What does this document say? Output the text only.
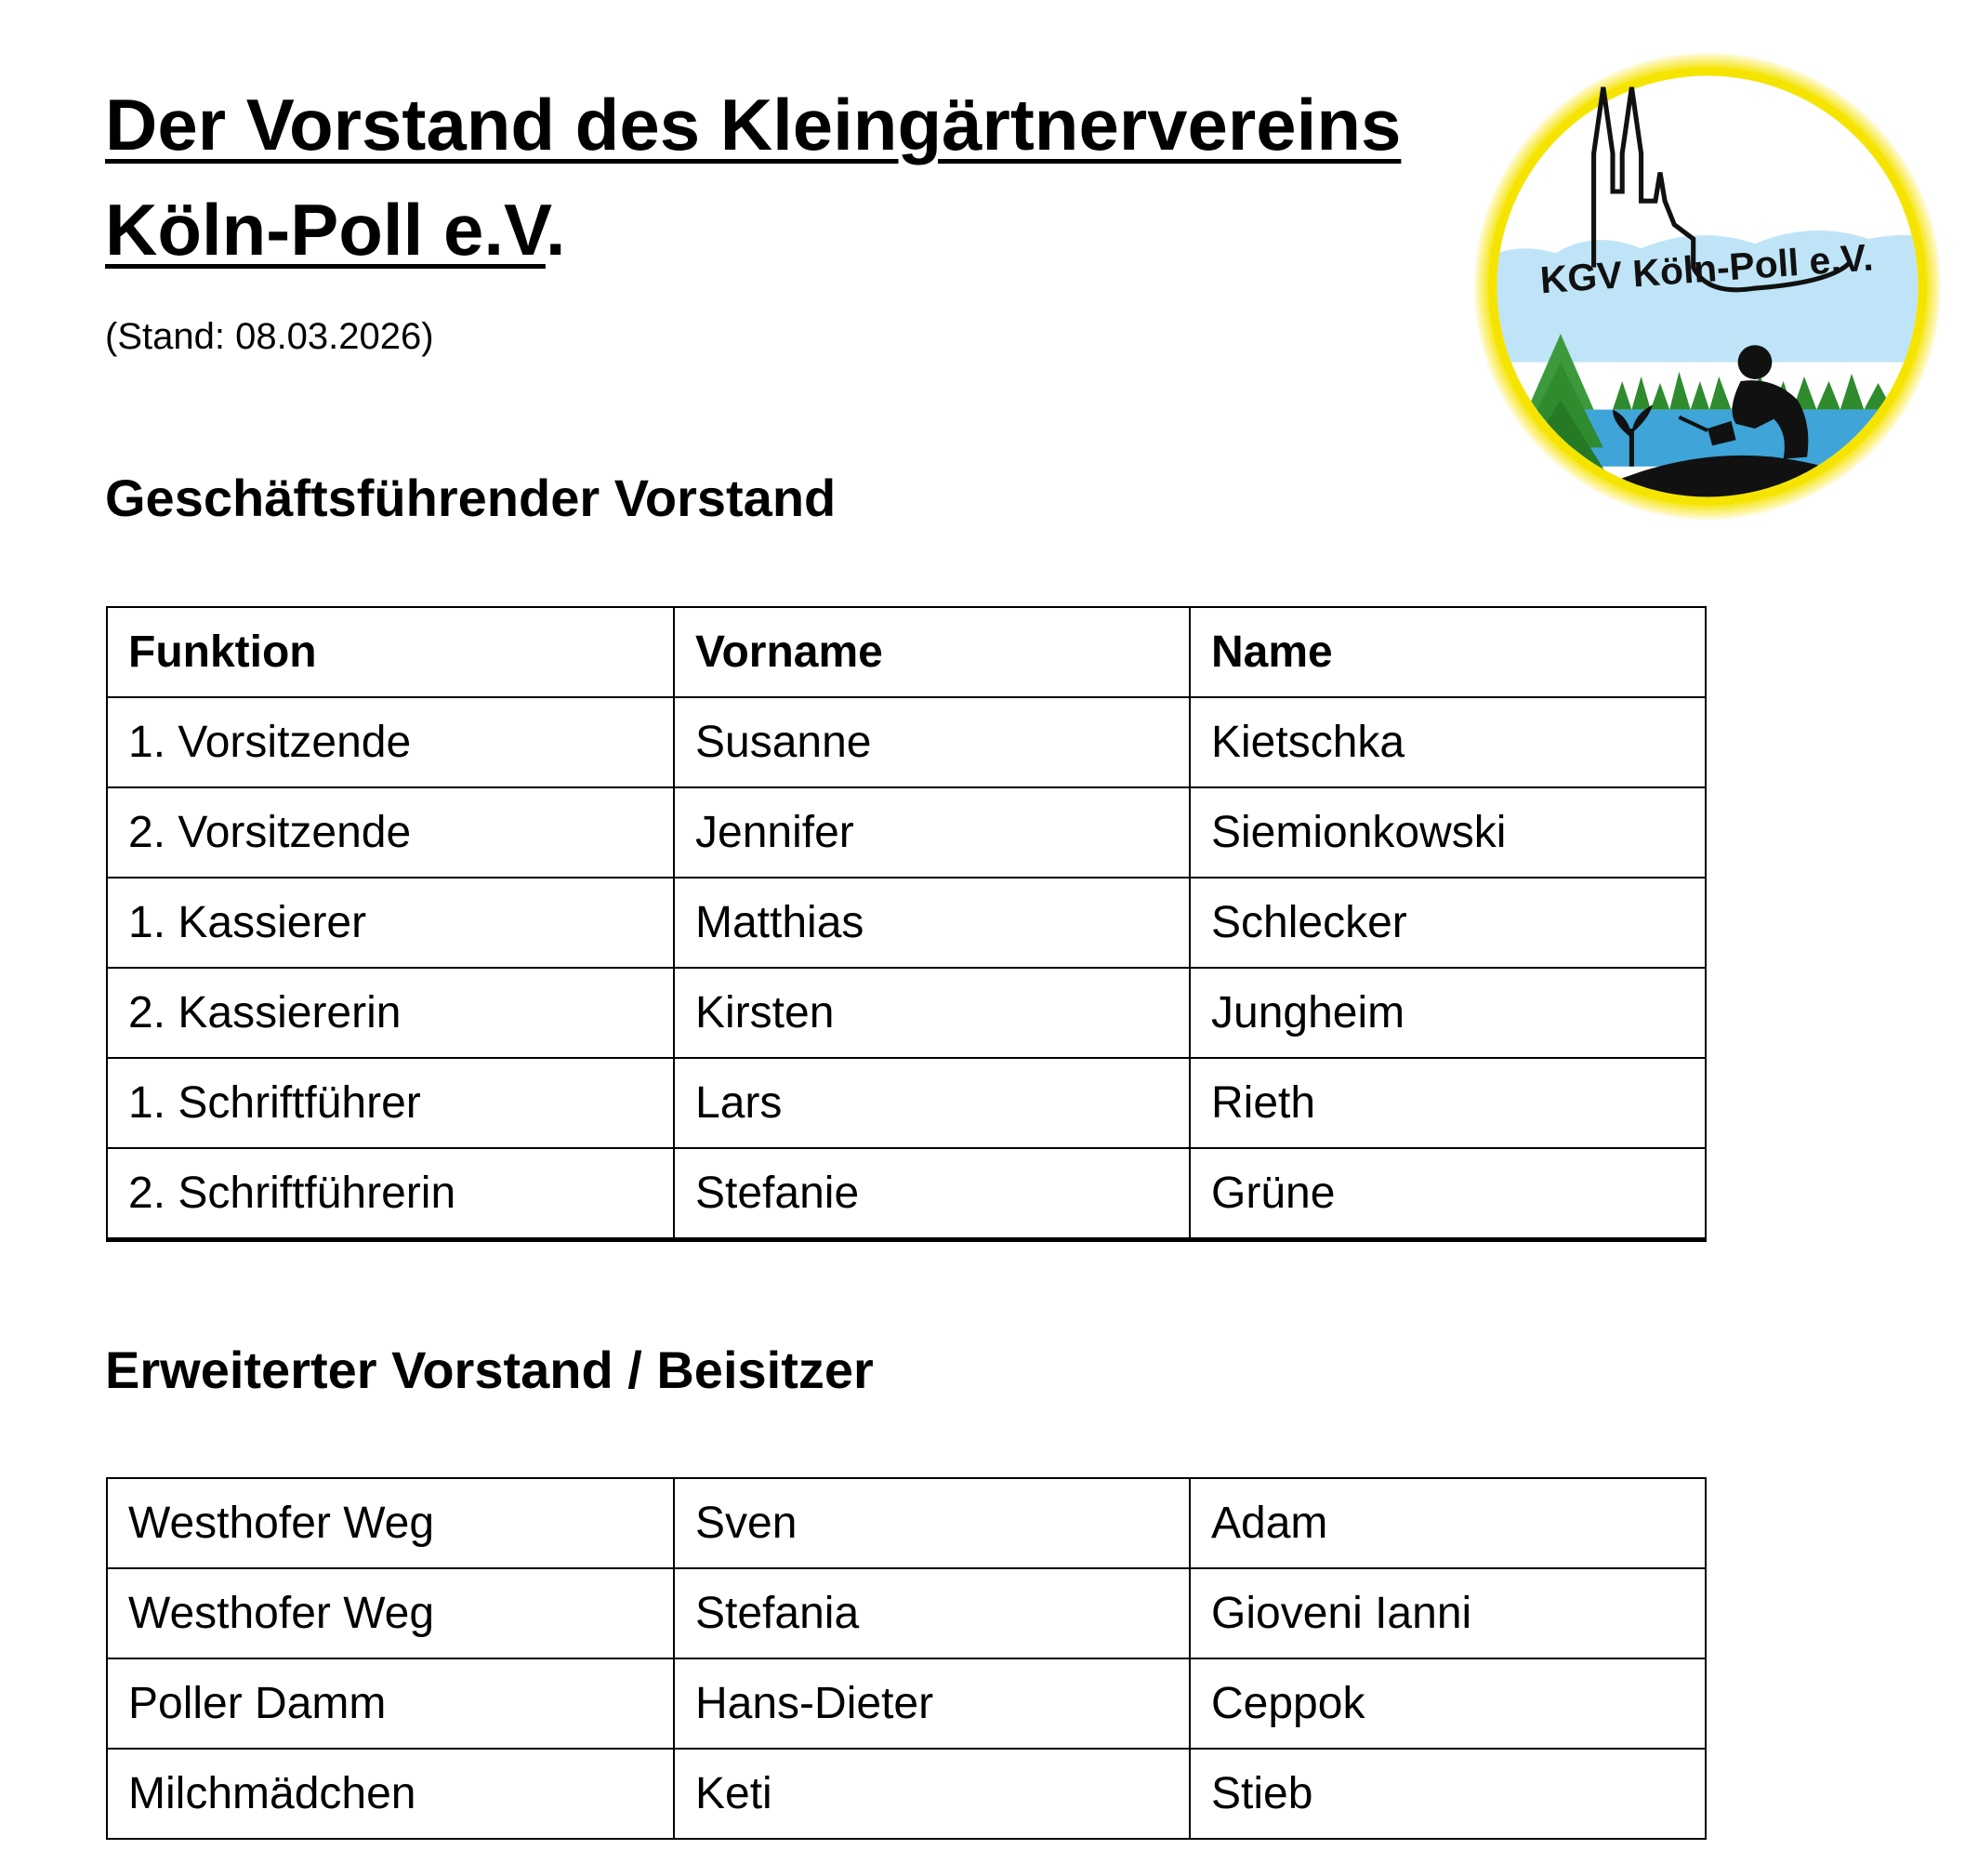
Der Vorstand des Kleingärtnervereins
Köln-Poll e.V.
(Stand: 08.03.2026)
KGV Köln-Poll e.V.
Geschäftsführender Vorstand
Funktion	Vorname	Name
1. Vorsitzende	Susanne	Kietschka
2. Vorsitzende	Jennifer	Siemionkowski
1. Kassierer	Matthias	Schlecker
2. Kassiererin	Kirsten	Jungheim
1. Schriftführer	Lars	Rieth
2. Schriftführerin	Stefanie	Grüne
Erweiterter Vorstand / Beisitzer
Westhofer Weg	Sven	Adam
Westhofer Weg	Stefania	Gioveni Ianni
Poller Damm	Hans-Dieter	Ceppok
Milchmädchen	Keti	Stieb
